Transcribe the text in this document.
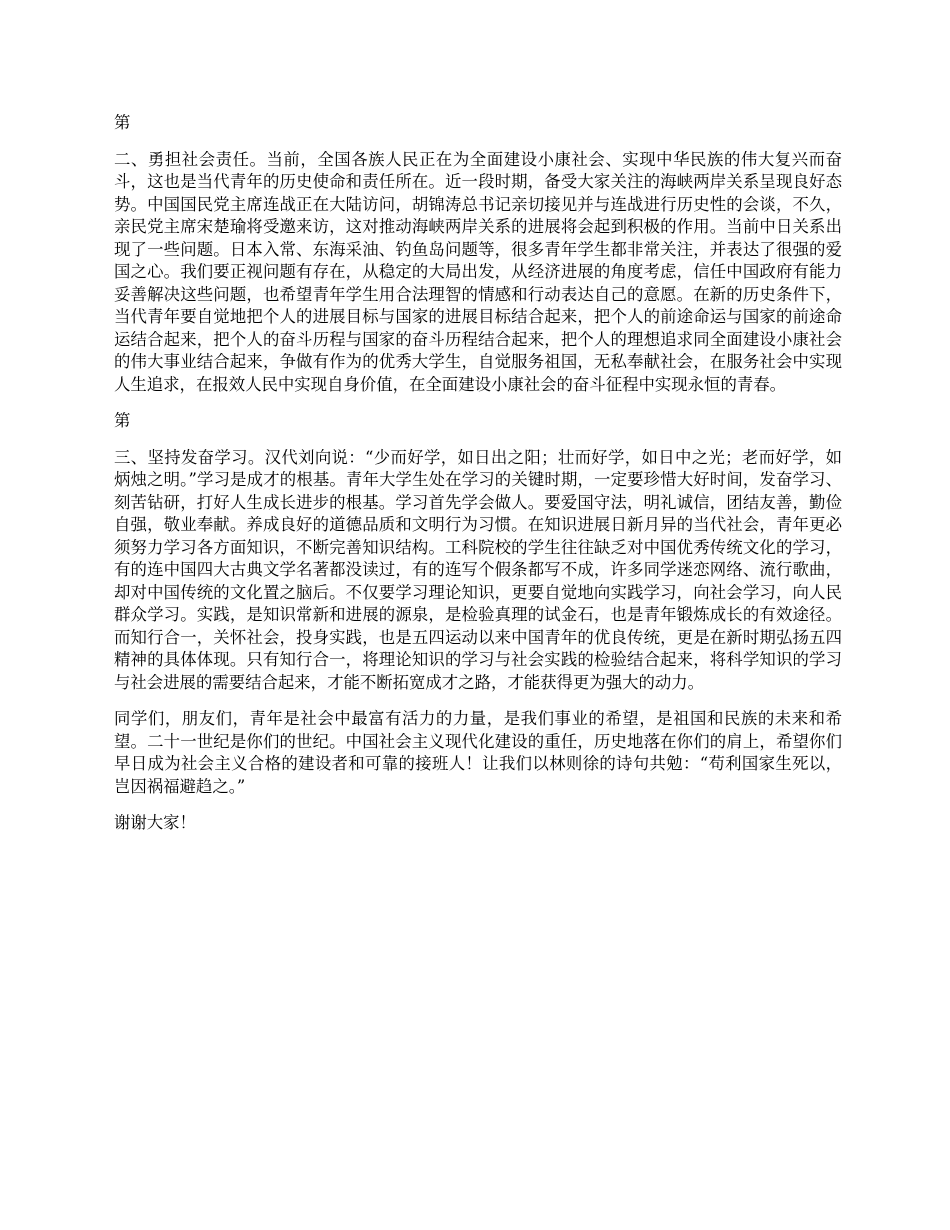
第

二、勇担社会责任。当前，全国各族人民正在为全面建设小康社会、实现中华民族的伟大复兴而奋斗，这也是当代青年的历史使命和责任所在。近一段时期，备受大家关注的海峡两岸关系呈现良好态势。中国国民党主席连战正在大陆访问，胡锦涛总书记亲切接见并与连战进行历史性的会谈，不久，亲民党主席宋楚瑜将受邀来访，这对推动海峡两岸关系的进展将会起到积极的作用。当前中日关系出现了一些问题。日本入常、东海采油、钓鱼岛问题等，很多青年学生都非常关注，并表达了很强的爱国之心。我们要正视问题有存在，从稳定的大局出发，从经济进展的角度考虑，信任中国政府有能力妥善解决这些问题，也希望青年学生用合法理智的情感和行动表达自己的意愿。在新的历史条件下，当代青年要自觉地把个人的进展目标与国家的进展目标结合起来，把个人的前途命运与国家的前途命运结合起来，把个人的奋斗历程与国家的奋斗历程结合起来，把个人的理想追求同全面建设小康社会的伟大事业结合起来，争做有作为的优秀大学生，自觉服务祖国，无私奉献社会，在服务社会中实现人生追求，在报效人民中实现自身价值，在全面建设小康社会的奋斗征程中实现永恒的青春。

第

三、坚持发奋学习。汉代刘向说：“少而好学，如日出之阳；壮而好学，如日中之光；老而好学，如炳烛之明。”学习是成才的根基。青年大学生处在学习的关键时期，一定要珍惜大好时间，发奋学习、刻苦钻研，打好人生成长进步的根基。学习首先学会做人。要爱国守法，明礼诚信，团结友善，勤俭自强，敬业奉献。养成良好的道德品质和文明行为习惯。在知识进展日新月异的当代社会，青年更必须努力学习各方面知识，不断完善知识结构。工科院校的学生往往缺乏对中国优秀传统文化的学习，有的连中国四大古典文学名著都没读过，有的连写个假条都写不成，许多同学迷恋网络、流行歌曲，却对中国传统的文化置之脑后。不仅要学习理论知识，更要自觉地向实践学习，向社会学习，向人民群众学习。实践，是知识常新和进展的源泉，是检验真理的试金石，也是青年锻炼成长的有效途径。而知行合一，关怀社会，投身实践，也是五四运动以来中国青年的优良传统，更是在新时期弘扬五四精神的具体体现。只有知行合一，将理论知识的学习与社会实践的检验结合起来，将科学知识的学习与社会进展的需要结合起来，才能不断拓宽成才之路，才能获得更为强大的动力。

同学们，朋友们，青年是社会中最富有活力的力量，是我们事业的希望，是祖国和民族的未来和希望。二十一世纪是你们的世纪。中国社会主义现代化建设的重任，历史地落在你们的肩上，希望你们早日成为社会主义合格的建设者和可靠的接班人！让我们以林则徐的诗句共勉：“苟利国家生死以，岂因祸福避趋之。”

谢谢大家！
